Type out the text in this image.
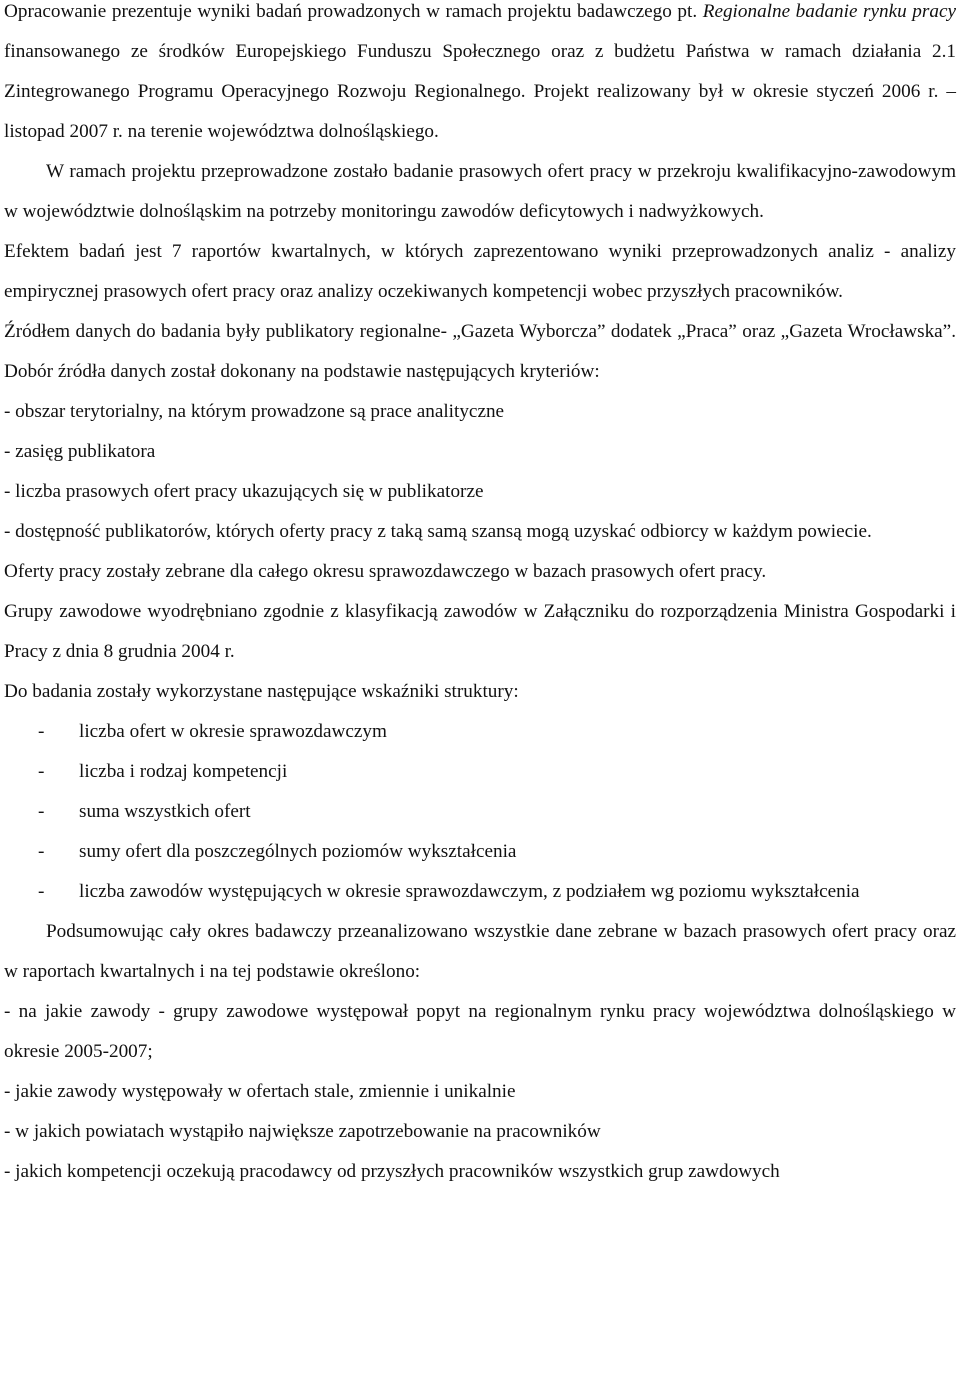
Opracowanie prezentuje wyniki badań prowadzonych w ramach projektu badawczego pt. Regionalne badanie rynku pracy finansowanego ze środków Europejskiego Funduszu Społecznego oraz z budżetu Państwa w ramach działania 2.1 Zintegrowanego Programu Operacyjnego Rozwoju Regionalnego. Projekt realizowany był w okresie styczeń 2006 r. – listopad 2007 r. na terenie województwa dolnośląskiego.

W ramach projektu przeprowadzone zostało badanie prasowych ofert pracy w przekroju kwalifikacyjno-zawodowym w województwie dolnośląskim na potrzeby monitoringu zawodów deficytowych i nadwyżkowych.

Efektem badań jest 7 raportów kwartalnych, w których zaprezentowano wyniki przeprowadzonych analiz - analizy empirycznej prasowych ofert pracy oraz analizy oczekiwanych kompetencji wobec przyszłych pracowników.

Źródłem danych do badania były publikatory regionalne- „Gazeta Wyborcza” dodatek „Praca” oraz „Gazeta Wrocławska”. Dobór źródła danych został dokonany na podstawie następujących kryteriów:

- obszar terytorialny, na którym prowadzone są prace analityczne

- zasięg publikatora

- liczba prasowych ofert pracy ukazujących się w publikatorze

- dostępność publikatorów, których oferty pracy z taką samą szansą mogą uzyskać odbiorcy w każdym powiecie.

Oferty pracy zostały zebrane dla całego okresu sprawozdawczego w bazach prasowych ofert pracy.

Grupy zawodowe wyodrębniano zgodnie z klasyfikacją zawodów w Załączniku do rozporządzenia Ministra Gospodarki i Pracy z dnia 8 grudnia 2004 r.

Do badania zostały wykorzystane następujące wskaźniki struktury:

- liczba ofert w okresie sprawozdawczym
- liczba i rodzaj kompetencji
- suma wszystkich ofert
- sumy ofert dla poszczególnych poziomów wykształcenia
- liczba zawodów występujących w okresie sprawozdawczym, z podziałem wg poziomu wykształcenia

Podsumowując cały okres badawczy przeanalizowano wszystkie dane zebrane w bazach prasowych ofert pracy oraz w raportach kwartalnych i na tej podstawie określono:

- na jakie zawody - grupy zawodowe występował popyt na regionalnym rynku pracy województwa dolnośląskiego w okresie 2005-2007;

- jakie zawody występowały w ofertach stale, zmiennie i unikalnie

- w jakich powiatach wystąpiło największe zapotrzebowanie na pracowników

- jakich kompetencji oczekują pracodawcy od przyszłych pracowników wszystkich grup zawdowych
